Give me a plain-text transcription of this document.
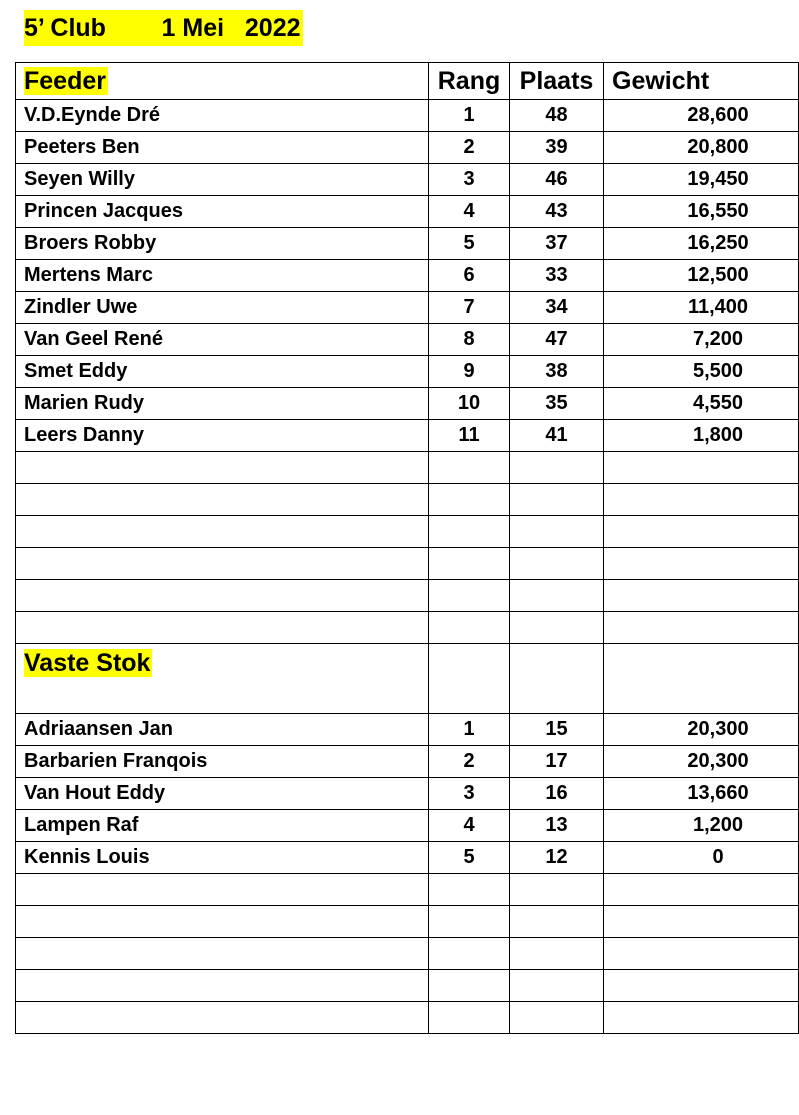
5’ Club        1 Mei   2022
Feeder	Rang	Plaats	Gewicht
V.D.Eynde Dré	1	48	28,600
Peeters Ben	2	39	20,800
Seyen Willy	3	46	19,450
Princen Jacques	4	43	16,550
Broers Robby	5	37	16,250
Mertens Marc	6	33	12,500
Zindler Uwe	7	34	11,400
Van Geel René	8	47	7,200
Smet Eddy	9	38	5,500
Marien Rudy	10	35	4,550
Leers Danny	11	41	1,800

Vaste Stok			

Adriaansen Jan	1	15	20,300
Barbarien Franqois	2	17	20,300
Van Hout Eddy	3	16	13,660
Lampen Raf	4	13	1,200
Kennis Louis	5	12	0
